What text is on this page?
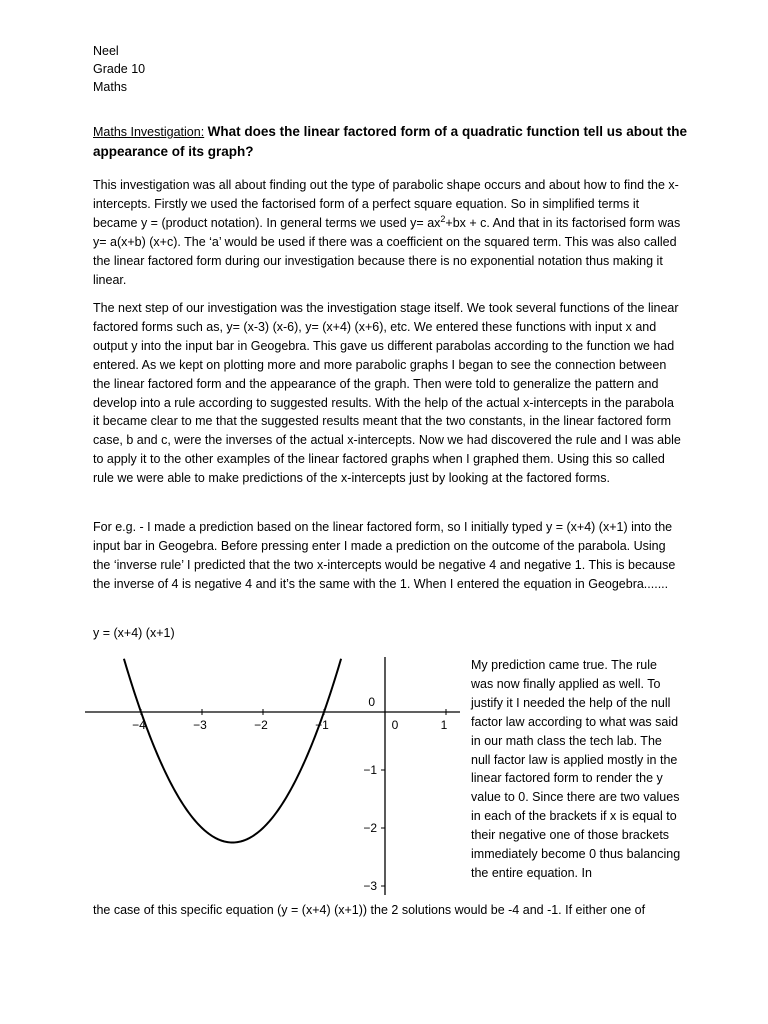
Neel
Grade 10
Maths
Maths Investigation: What does the linear factored form of a quadratic function tell us about the appearance of its graph?

This investigation was all about finding out the type of parabolic shape occurs and about how to find the x-intercepts. Firstly we used the factorised form of a perfect square equation. So in simplified terms it became y = (product notation). In general terms we used $y= ax^2+bx + c$. And that in its factorised form was y= a(x+b) (x+c). The ‘a’ would be used if there was a coefficient on the squared term. This was also called the linear factored form during our investigation because there is no exponential notation thus making it linear.

The next step of our investigation was the investigation stage itself. We took several functions of the linear factored forms such as, y= (x-3) (x-6), y= (x+4) (x+6), etc. We entered these functions with input x and output y into the input bar in Geogebra. This gave us different parabolas according to the function we had entered. As we kept on plotting more and more parabolic graphs I began to see the connection between the linear factored form and the appearance of the graph. Then were told to generalize the pattern and develop into a rule according to suggested results. With the help of the actual x-intercepts in the parabola it became clear to me that the suggested results meant that the two constants, in the linear factored form case, b and c, were the inverses of the actual x-intercepts. Now we had discovered the rule and I was able to apply it to the other examples of the linear factored graphs when I graphed them. Using this so called rule we were able to make predictions of the x-intercepts just by looking at the factored forms.

For e.g. - I made a prediction based on the linear factored form, so I initially typed y = (x+4) (x+1) into the input bar in Geogebra. Before pressing enter I made a prediction on the outcome of the parabola. Using the ‘inverse rule’ I predicted that the two x-intercepts would be negative 4 and negative 1. This is because the inverse of 4 is negative 4 and it’s the same with the 1. When I entered the equation in Geogebra.......

y = (x+4) (x+1)
−4	−3	−2	−1	0	1
−1
−2
−3
0

My prediction came true. The rule was now finally applied as well. To justify it I needed the help of the null factor law according to what was said in our math class the tech lab. The null factor law is applied mostly in the linear factored form to render the y value to 0. Since there are two values in each of the brackets if x is equal to their negative one of those brackets immediately become 0 thus balancing the entire equation. In

the case of this specific equation (y = (x+4) (x+1)) the 2 solutions would be -4 and -1. If either one of
